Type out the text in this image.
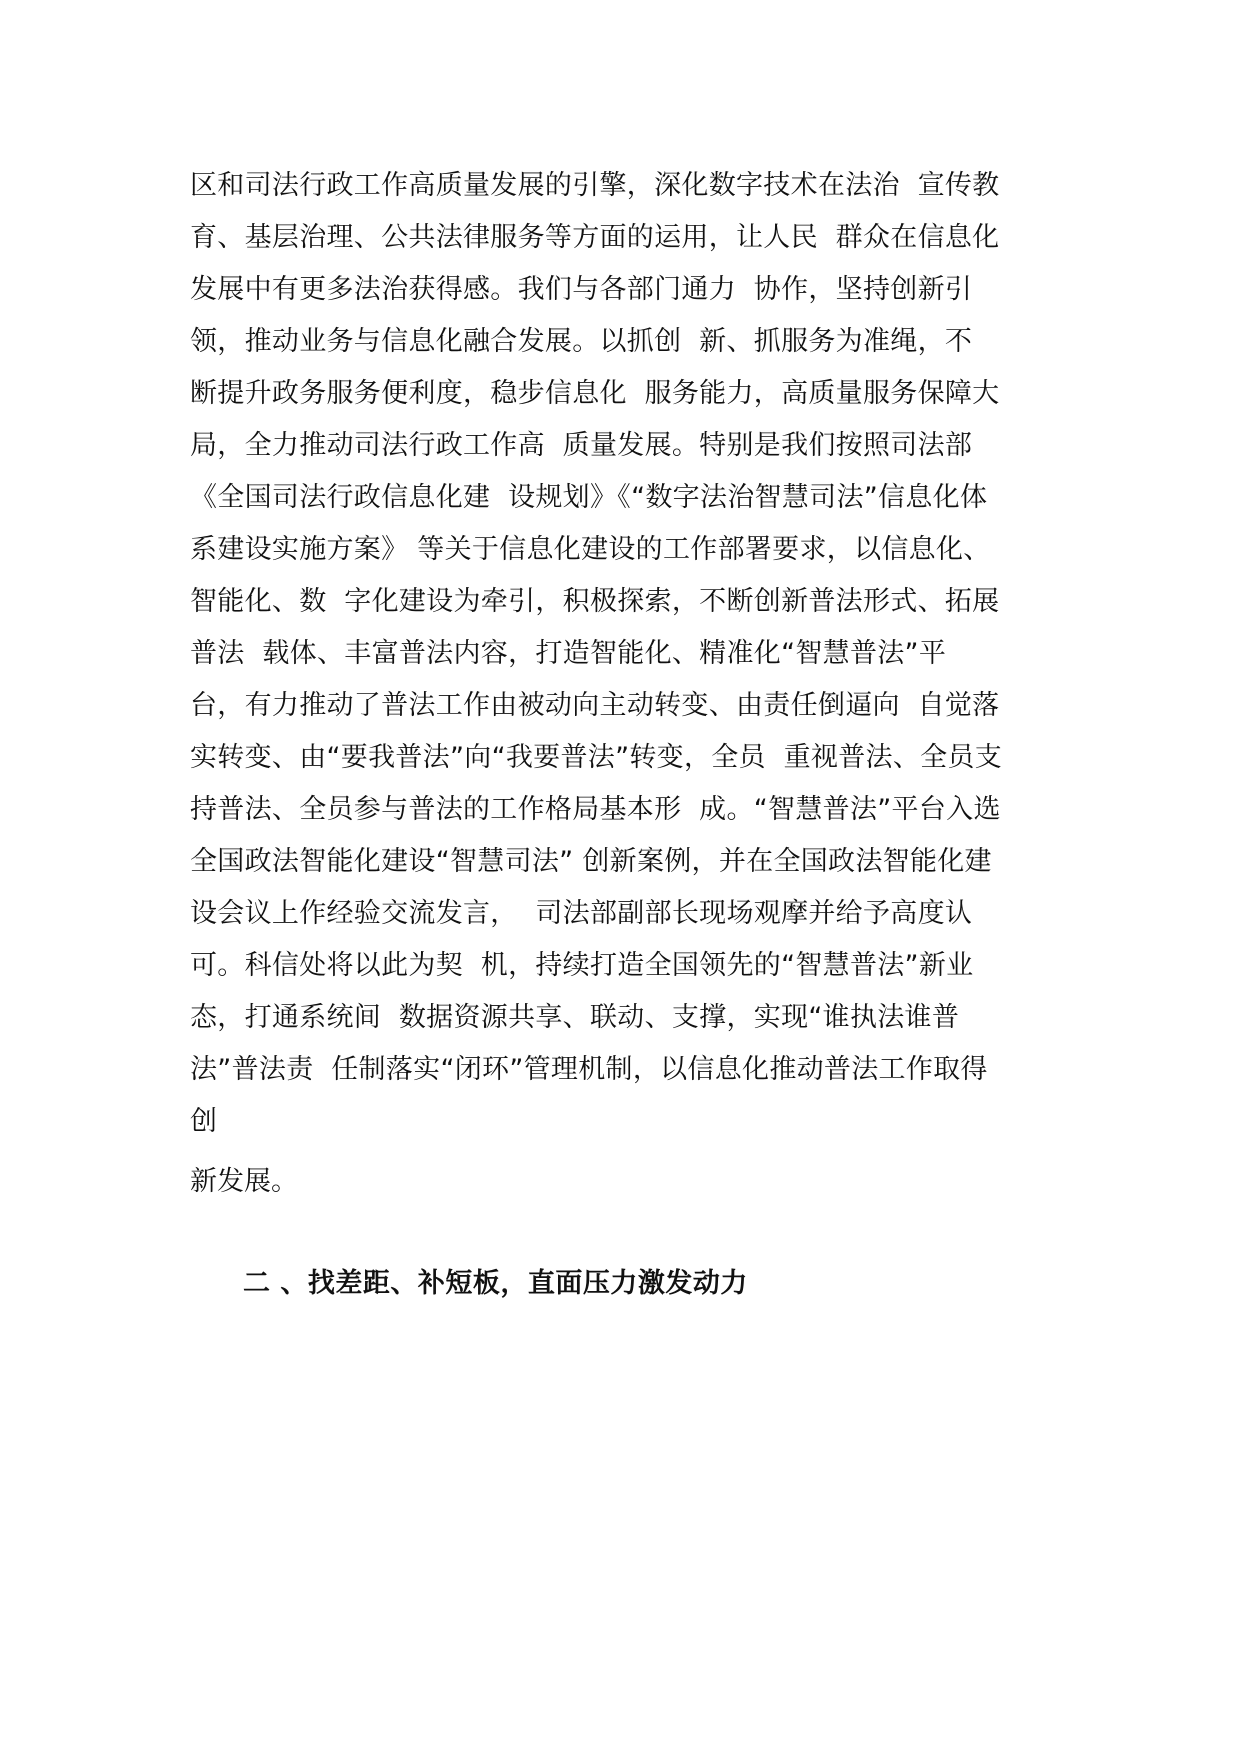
区和司法行政工作高质量发展的引擎，深化数字技术在法治  宣传教
育、基层治理、公共法律服务等方面的运用，让人民  群众在信息化
发展中有更多法治获得感。我们与各部门通力  协作，坚持创新引
领，推动业务与信息化融合发展。以抓创  新、抓服务为准绳，不
断提升政务服务便利度，稳步信息化  服务能力，高质量服务保障大
局，全力推动司法行政工作高  质量发展。特别是我们按照司法部
《全国司法行政信息化建  设规划》《“数字法治智慧司法”信息化体
系建设实施方案》 等关于信息化建设的工作部署要求，以信息化、
智能化、数  字化建设为牵引，积极探索，不断创新普法形式、拓展
普法  载体、丰富普法内容，打造智能化、精准化“智慧普法”平
台，有力推动了普法工作由被动向主动转变、由责任倒逼向  自觉落
实转变、由“要我普法”向“我要普法”转变，全员  重视普法、全员支
持普法、全员参与普法的工作格局基本形  成。“智慧普法”平台入选
全国政法智能化建设“智慧司法” 创新案例，并在全国政法智能化建
设会议上作经验交流发言，  司法部副部长现场观摩并给予高度认
可。科信处将以此为契  机，持续打造全国领先的“智慧普法”新业
态，打通系统间  数据资源共享、联动、支撑，实现“谁执法谁普
法”普法责  任制落实“闭环”管理机制，以信息化推动普法工作取得
创
新发展。
二 、找差距、补短板，直面压力激发动力
